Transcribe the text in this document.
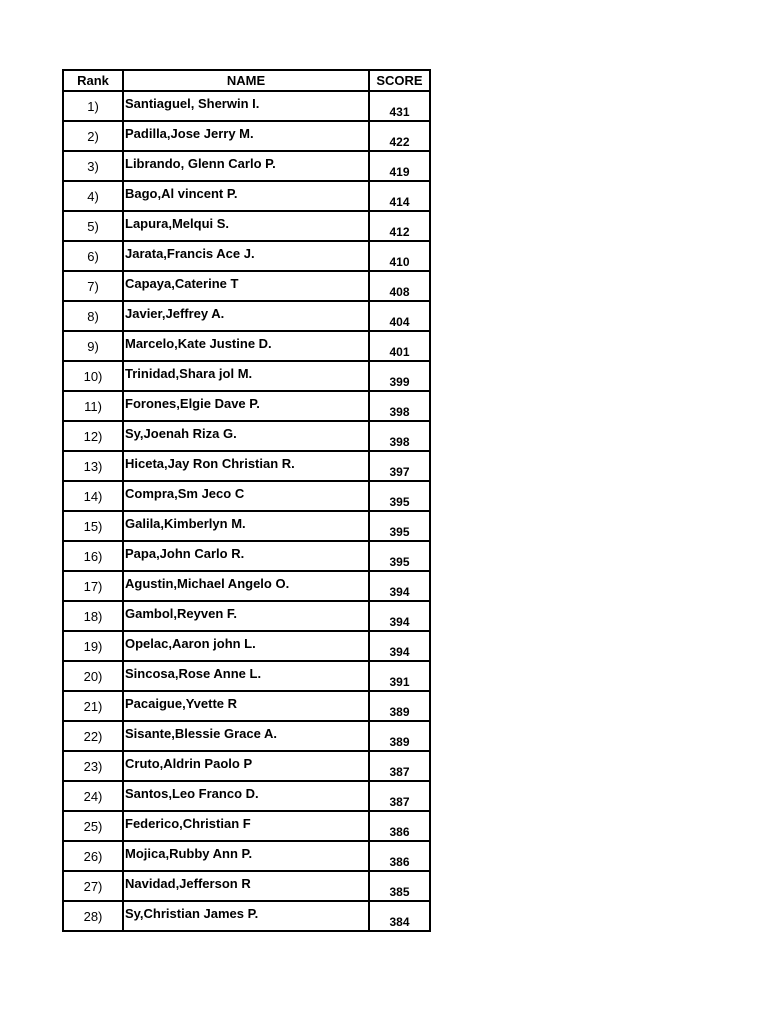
Rank	NAME	SCORE
1)	Santiaguel, Sherwin I.	431
2)	Padilla,Jose Jerry M.	422
3)	Librando, Glenn Carlo P.	419
4)	Bago,Al vincent P.	414
5)	Lapura,Melqui S.	412
6)	Jarata,Francis Ace J.	410
7)	Capaya,Caterine T	408
8)	Javier,Jeffrey A.	404
9)	Marcelo,Kate Justine D.	401
10)	Trinidad,Shara jol M.	399
11)	Forones,Elgie Dave P.	398
12)	Sy,Joenah Riza G.	398
13)	Hiceta,Jay Ron Christian R.	397
14)	Compra,Sm Jeco C	395
15)	Galila,Kimberlyn M.	395
16)	Papa,John Carlo R.	395
17)	Agustin,Michael Angelo O.	394
18)	Gambol,Reyven F.	394
19)	Opelac,Aaron john L.	394
20)	Sincosa,Rose Anne L.	391
21)	Pacaigue,Yvette R	389
22)	Sisante,Blessie Grace A.	389
23)	Cruto,Aldrin Paolo P	387
24)	Santos,Leo Franco D.	387
25)	Federico,Christian F	386
26)	Mojica,Rubby Ann P.	386
27)	Navidad,Jefferson R	385
28)	Sy,Christian James P.	384
